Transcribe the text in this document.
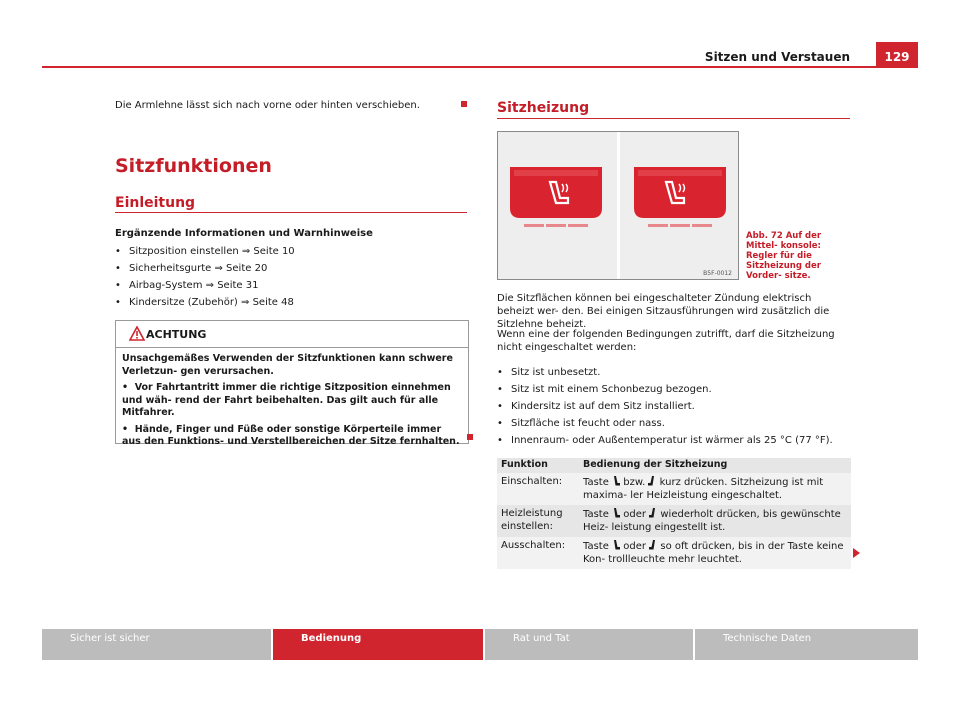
Sitzen und Verstauen	129
Die Armlehne lässt sich nach vorne oder hinten verschieben.
Sitzfunktionen
Einleitung
Ergänzende Informationen und Warnhinweise
• Sitzposition einstellen ⇒ Seite 10
• Sicherheitsgurte ⇒ Seite 20
• Airbag-System ⇒ Seite 31
• Kindersitze (Zubehör) ⇒ Seite 48
ACHTUNG

Unsachgemäßes Verwenden der Sitzfunktionen kann schwere Verletzun- gen verursachen.

•  Vor Fahrtantritt immer die richtige Sitzposition einnehmen und wäh- rend der Fahrt beibehalten. Das gilt auch für alle Mitfahrer.

•  Hände, Finger und Füße oder sonstige Körperteile immer aus den Funktions- und Verstellbereichen der Sitze fernhalten.

Sitzheizung
B5F-0012
Abb. 72 Auf der Mittel- konsole: Regler für die Sitzheizung der Vorder- sitze.
Die Sitzflächen können bei eingeschalteter Zündung elektrisch beheizt wer- den. Bei einigen Sitzausführungen wird zusätzlich die Sitzlehne beheizt.
Wenn eine der folgenden Bedingungen zutrifft, darf die Sitzheizung nicht eingeschaltet werden:
• Sitz ist unbesetzt.
• Sitz ist mit einem Schonbezug bezogen.
• Kindersitz ist auf dem Sitz installiert.
• Sitzfläche ist feucht oder nass.
• Innenraum- oder Außentemperatur ist wärmer als 25 °C (77 °F).
Funktion	Bedienung der Sitzheizung
Einschalten:	Taste bzw. kurz drücken. Sitzheizung ist mit maxima- ler Heizleistung eingeschaltet.
Heizleistung einstellen:	Taste oder wiederholt drücken, bis gewünschte Heiz- leistung eingestellt ist.
Ausschalten:	Taste oder so oft drücken, bis in der Taste keine Kon- trollleuchte mehr leuchtet.
Sicher ist sicher	Bedienung	Rat und Tat	Technische Daten
